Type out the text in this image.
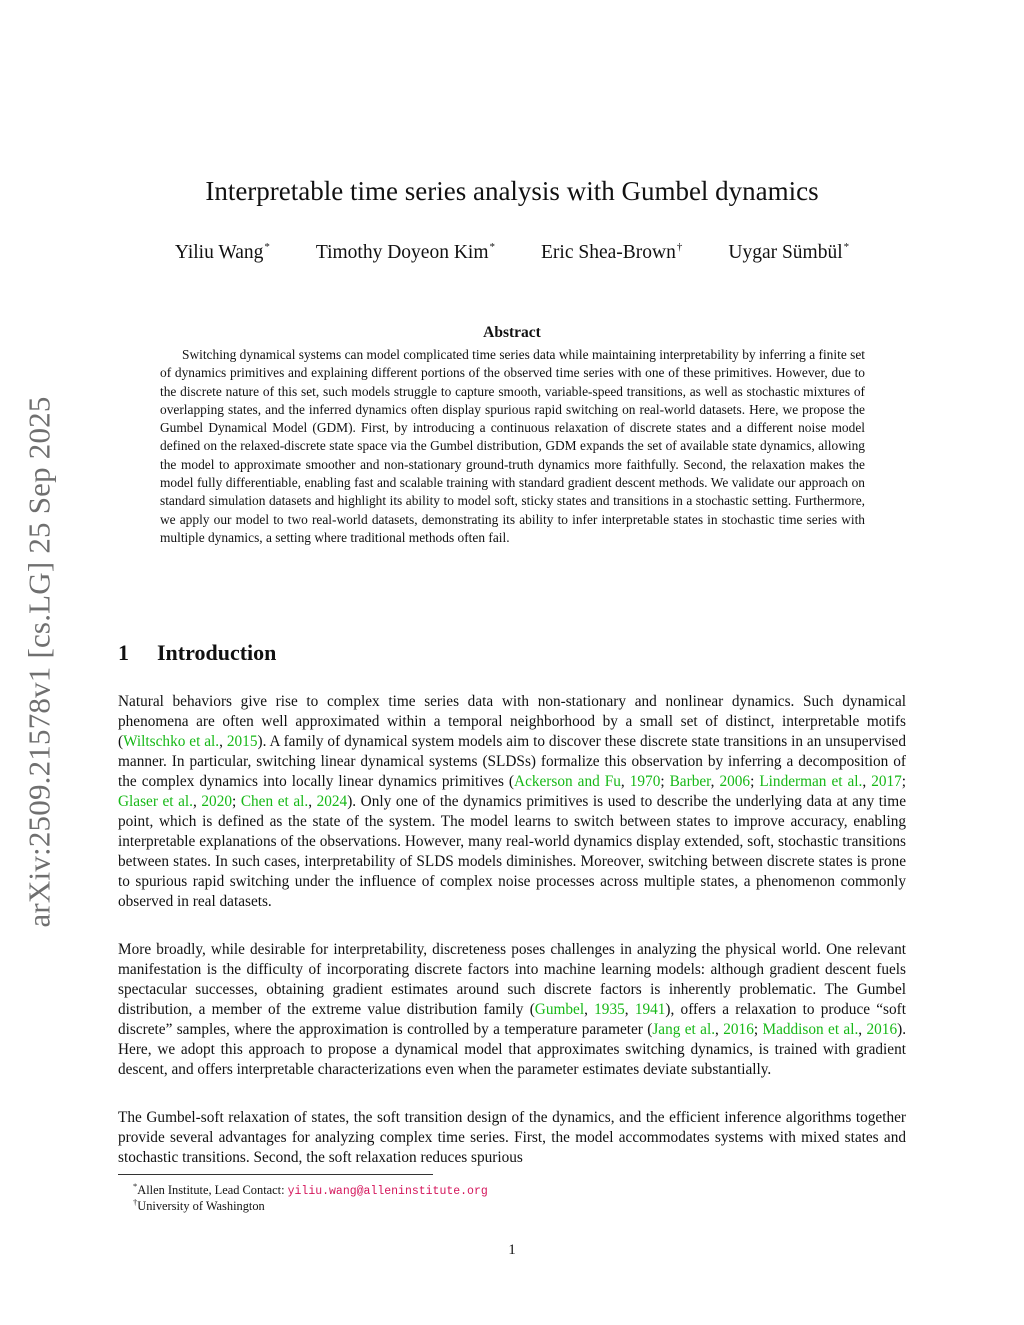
arXiv:2509.21578v1 [cs.LG] 25 Sep 2025
Interpretable time series analysis with Gumbel dynamics
Yiliu Wang* Timothy Doyeon Kim* Eric Shea-Brown† Uygar Sümbül*
Abstract

Switching dynamical systems can model complicated time series data while maintaining interpretability by inferring a finite set of dynamics primitives and explaining different portions of the observed time series with one of these primitives. However, due to the discrete nature of this set, such models struggle to capture smooth, variable-speed transitions, as well as stochastic mixtures of overlapping states, and the inferred dynamics often display spurious rapid switching on real-world datasets. Here, we propose the Gumbel Dynamical Model (GDM). First, by introducing a continuous relaxation of discrete states and a different noise model defined on the relaxed-discrete state space via the Gumbel distribution, GDM expands the set of available state dynamics, allowing the model to approximate smoother and non-stationary ground-truth dynamics more faithfully. Second, the relaxation makes the model fully differentiable, enabling fast and scalable training with standard gradient descent methods. We validate our approach on standard simulation datasets and highlight its ability to model soft, sticky states and transitions in a stochastic setting. Furthermore, we apply our model to two real-world datasets, demonstrating its ability to infer interpretable states in stochastic time series with multiple dynamics, a setting where traditional methods often fail.

1 Introduction

Natural behaviors give rise to complex time series data with non-stationary and nonlinear dynamics. Such dynamical phenomena are often well approximated within a temporal neighborhood by a small set of distinct, interpretable motifs (Wiltschko et al., 2015). A family of dynamical system models aim to discover these discrete state transitions in an unsupervised manner. In particular, switching linear dynamical systems (SLDSs) formalize this observation by inferring a decomposition of the complex dynamics into locally linear dynamics primitives (Ackerson and Fu, 1970; Barber, 2006; Linderman et al., 2017; Glaser et al., 2020; Chen et al., 2024). Only one of the dynamics primitives is used to describe the underlying data at any time point, which is defined as the state of the system. The model learns to switch between states to improve accuracy, enabling interpretable explanations of the observations. However, many real-world dynamics display extended, soft, stochastic transitions between states. In such cases, interpretability of SLDS models diminishes. Moreover, switching between discrete states is prone to spurious rapid switching under the influence of complex noise processes across multiple states, a phenomenon commonly observed in real datasets.

More broadly, while desirable for interpretability, discreteness poses challenges in analyzing the physical world. One relevant manifestation is the difficulty of incorporating discrete factors into machine learning models: although gradient descent fuels spectacular successes, obtaining gradient estimates around such discrete factors is inherently problematic. The Gumbel distribution, a member of the extreme value distribution family (Gumbel, 1935, 1941), offers a relaxation to produce “soft discrete” samples, where the approximation is controlled by a temperature parameter (Jang et al., 2016; Maddison et al., 2016). Here, we adopt this approach to propose a dynamical model that approximates switching dynamics, is trained with gradient descent, and offers interpretable characterizations even when the parameter estimates deviate substantially.

The Gumbel-soft relaxation of states, the soft transition design of the dynamics, and the efficient inference algorithms together provide several advantages for analyzing complex time series. First, the model accommodates systems with mixed states and stochastic transitions. Second, the soft relaxation reduces spurious

*Allen Institute, Lead Contact: yiliu.wang@alleninstitute.org

†University of Washington

1
